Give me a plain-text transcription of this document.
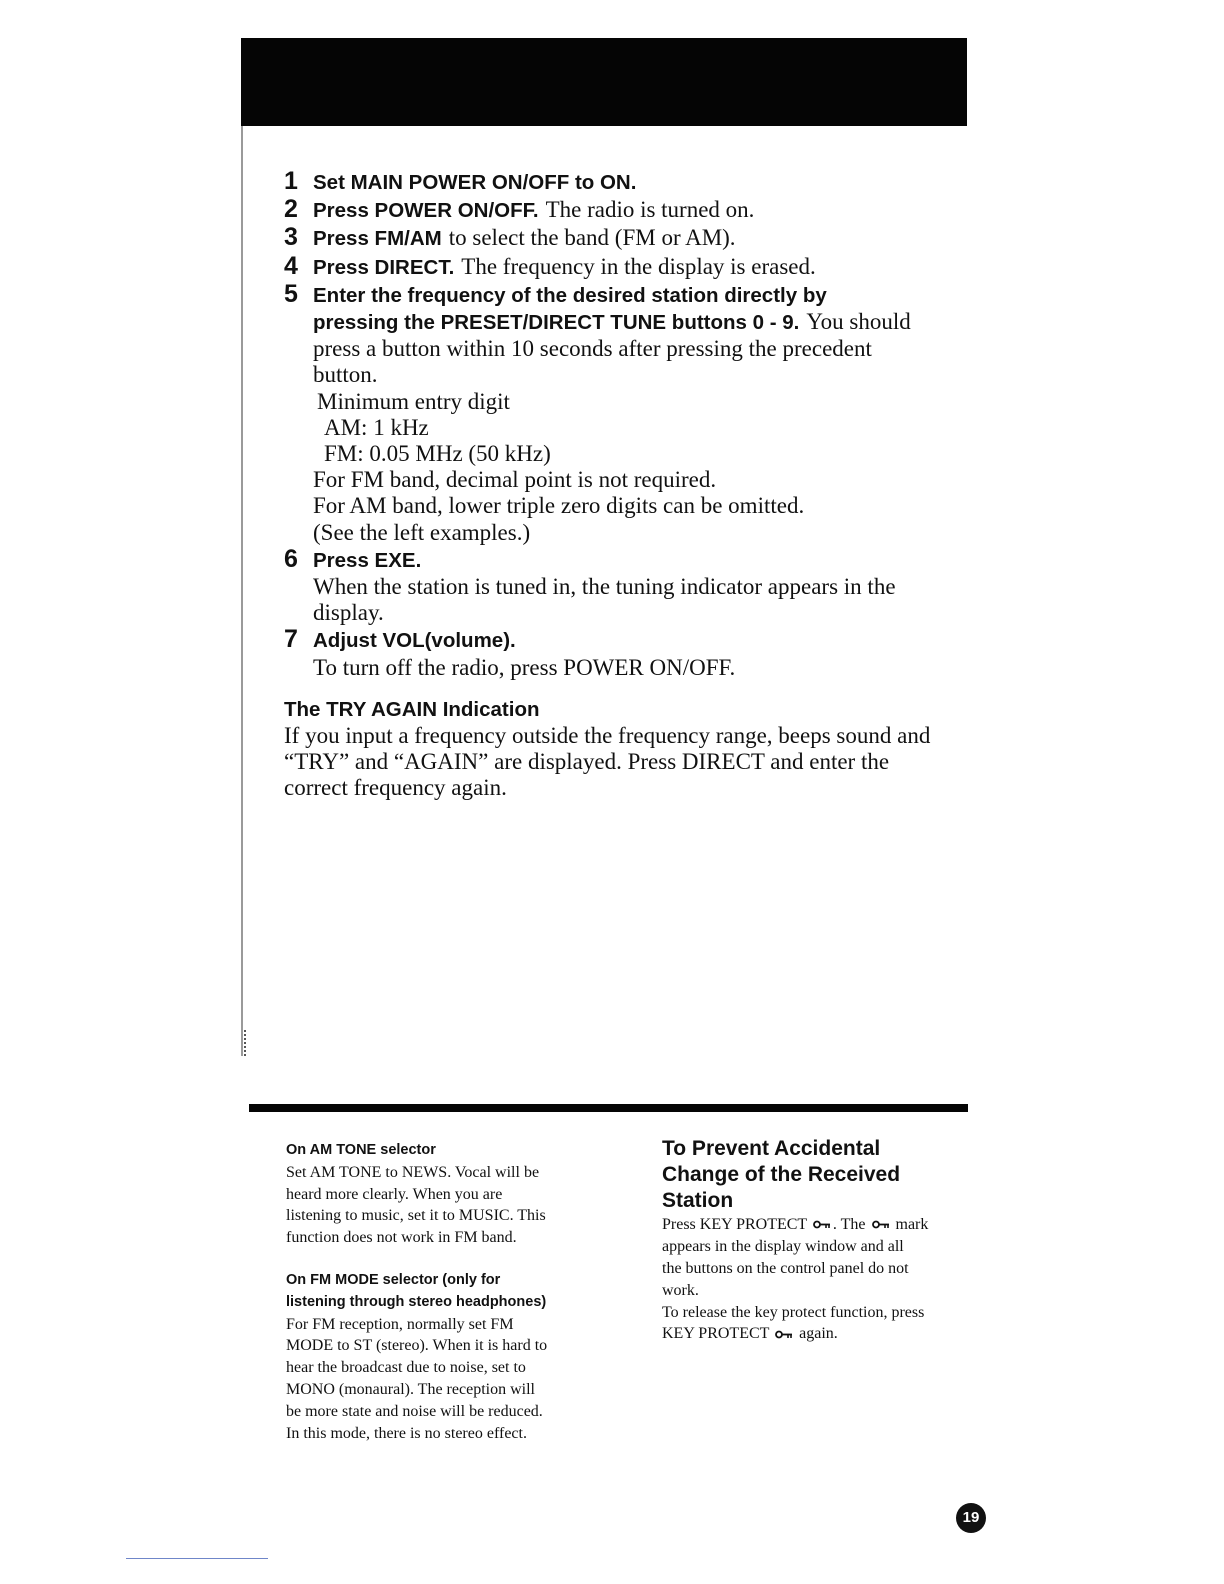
1 Set MAIN POWER ON/OFF to ON.
2 Press POWER ON/OFF. The radio is turned on.
3 Press FM/AM to select the band (FM or AM).
4 Press DIRECT. The frequency in the display is erased.
5 Enter the frequency of the desired station directly by
pressing the PRESET/DIRECT TUNE buttons 0 - 9. You should
press a button within 10 seconds after pressing the precedent
button.
Minimum entry digit
AM: 1 kHz
FM: 0.05 MHz (50 kHz)
For FM band, decimal point is not required.
For AM band, lower triple zero digits can be omitted.
(See the left examples.)
6 Press EXE.
When the station is tuned in, the tuning indicator appears in the
display.
7 Adjust VOL(volume).
To turn off the radio, press POWER ON/OFF.
The TRY AGAIN Indication
If you input a frequency outside the frequency range, beeps sound and
“TRY” and “AGAIN” are displayed. Press DIRECT and enter the
correct frequency again.
On AM TONE selector
Set AM TONE to NEWS. Vocal will be
heard more clearly. When you are
listening to music, set it to MUSIC. This
function does not work in FM band.
On FM MODE selector (only for
listening through stereo headphones)
For FM reception, normally set FM
MODE to ST (stereo). When it is hard to
hear the broadcast due to noise, set to
MONO (monaural). The reception will
be more state and noise will be reduced.
In this mode, there is no stereo effect.
To Prevent Accidental
Change of the Received
Station
Press KEY PROTECT . The mark
appears in the display window and all
the buttons on the control panel do not
work.
To release the key protect function, press
KEY PROTECT again.
19
